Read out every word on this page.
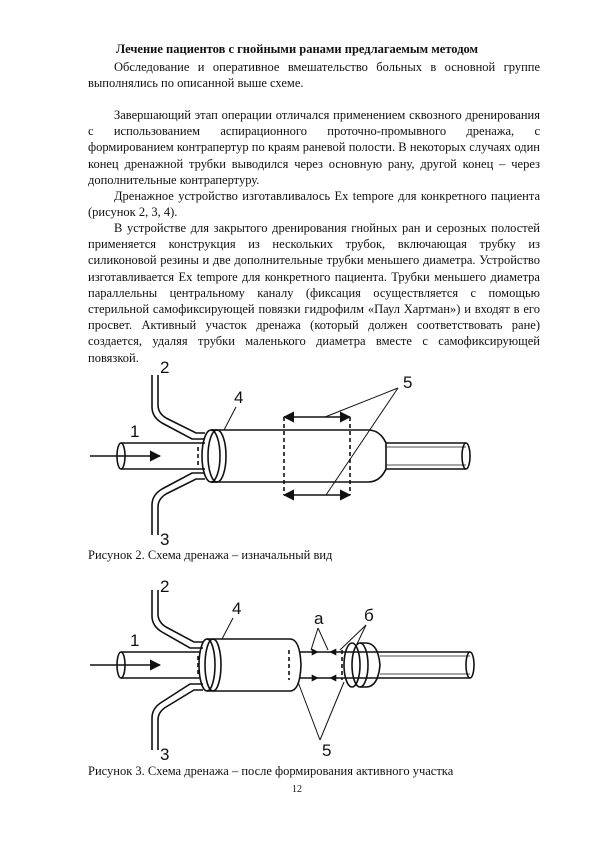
Лечение пациентов с гнойными ранами предлагаемым методом

Обследование и оперативное вмешательство больных в основной группе выполнялись по описанной выше схеме.

Завершающий этап операции отличался применением сквозного дренирования с использованием аспирационного проточно-промывного дренажа, с формированием контрапертур по краям раневой полости. В некоторых случаях один конец дренажной трубки выводился через основную рану, другой конец – через дополнительные контрапертуру.

Дренажное устройство изготавливалось Ex tempore для конкретного пациента (рисунок 2, 3, 4).

В устройстве для закрытого дренирования гнойных ран и серозных полостей применяется конструкция из нескольких трубок, включающая трубку из силиконовой резины и две дополнительные трубки меньшего диаметра. Устройство изготавливается Ex tempore для конкретного пациента. Трубки меньшего диаметра параллельны центральному каналу (фиксация осуществляется с помощью стерильной самофиксирующей повязки гидрофилм «Паул Хартман») и входят в его просвет. Активный участок дренажа (который должен соответствовать ране) создается, удаляя трубки маленького диаметра вместе с самофиксирующей повязкой.

1
2
3
4
5
Рисунок 2. Схема дренажа – изначальный вид
1
2
3
4
а б
5
Рисунок 3. Схема дренажа – после формирования активного участка
12
